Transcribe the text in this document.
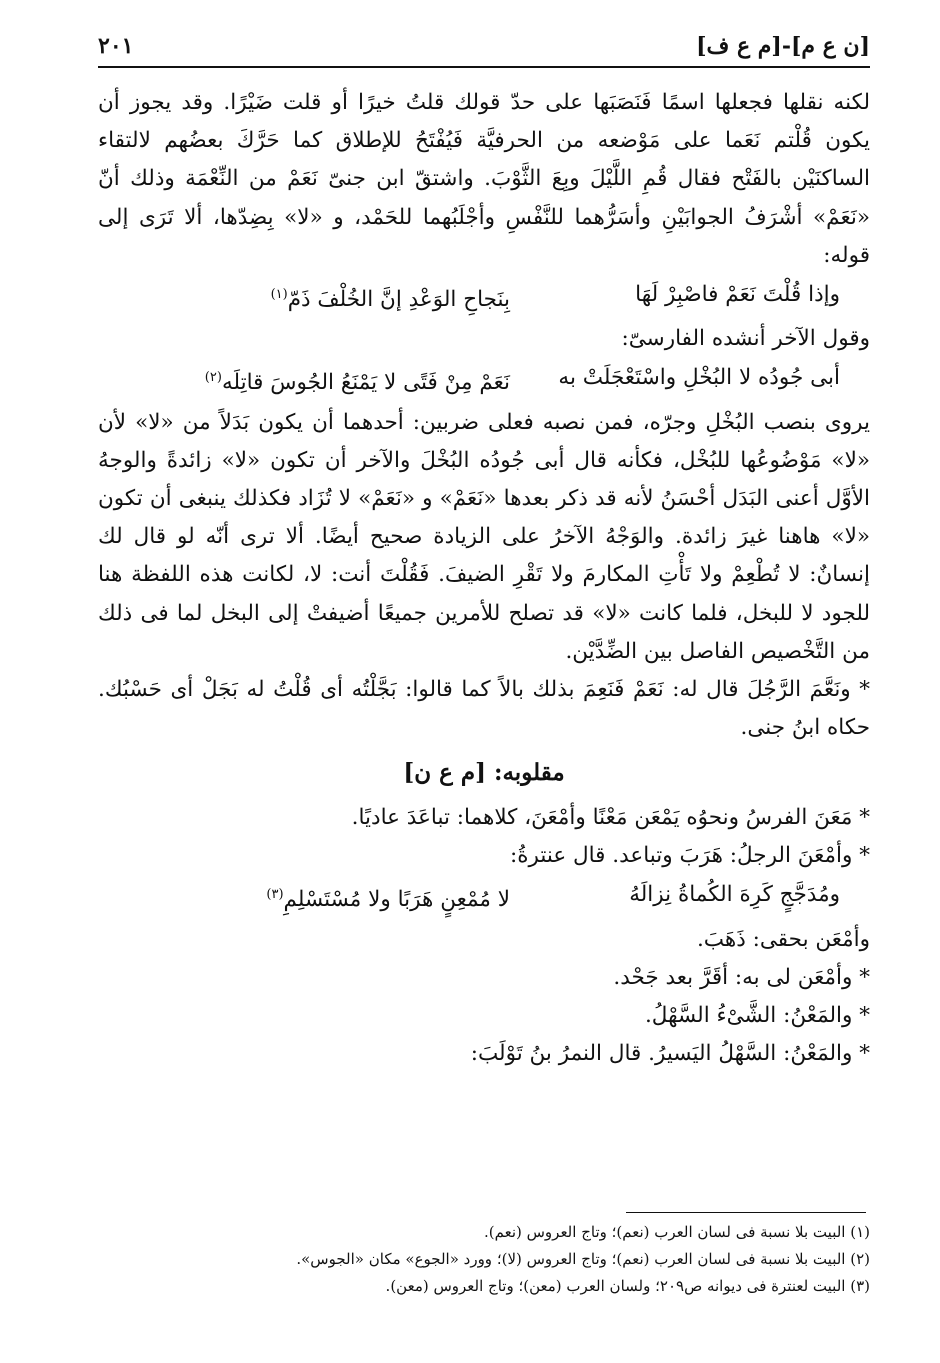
[ن ع م]-[م ع ف]
٢٠١

لكنه نقلها فجعلها اسمًا فَنَصَبَها على حدّ قولك قلتُ خيرًا أو قلت ضَيْرًا. وقد يجوز أن يكون قُلْتم نَعَما على مَوْضعه من الحرفيَّة فَيُفْتَحُ للإطلاق كما حَرَّكَ بعضُهم لالتقاء الساكنَيْن بالفَتْح فقال قُمِ اللَّيْلَ وبِعَ الثَّوْبَ. واشتقّ ابن جنىّ نَعَمْ من النِّعْمَة وذلك أنّ «نَعَمْ» أشْرَفُ الجوابَيْنِ وأسَرُّهما للنَّفْسِ وأجْلَبُهما للحَمْد، و «لا» بِضِدّها، ألا تَرَى إلى قوله:

وإذا قُلْتَ نَعَمْ فاصْبِرْ لَهَا
بِنَجاحِ الوَعْدِ إنَّ الخُلْفَ ذَمّ$^{(١)}$

وقول الآخر أنشده الفارسىّ:

أبى جُودُه لا البُخْلِ واسْتَعْجَلَتْ به
نَعَمْ مِنْ فَتًى لا يَمْنَعُ الجُوسَ قاتِلَه$^{(٢)}$

يروى بنصب البُخْلِ وجرّه، فمن نصبه فعلى ضربين: أحدهما أن يكون بَدَلاً من «لا» لأن «لا» مَوْضُوعُها للبُخْل، فكأنه قال أبى جُودُه البُخْلَ والآخر أن تكون «لا» زائدةً والوجهُ الأوَّل أعنى البَدَل أحْسَنُ لأنه قد ذكر بعدها «نَعَمْ» و «نَعَمْ» لا تُزَاد فكذلك ينبغى أن تكون «لا» هاهنا غيرَ زائدة. والوَجْهُ الآخرُ على الزيادة صحيح أيضًا. ألا ترى أنّه لو قال لك إنسانٌ: لا تُطْعِمْ ولا تَأْتِ المكارمَ ولا تَقْرِ الضيفَ. فَقُلْتَ أنت: لا، لكانت هذه اللفظة هنا للجود لا للبخل، فلما كانت «لا» قد تصلح للأمرين جميعًا أضيفتْ إلى البخل لما فى ذلك من التَّخْصيص الفاصل بين الضِّدَّيْن.

* ونَعَّمَ الرَّجُلَ قال له: نَعَمْ فَنَعِمَ بذلك بالاً كما قالوا: بَجَّلْتُه أى قُلْتُ له بَجَلْ أى حَسْبُك. حكاه ابنُ جنى.

مقلوبه: [م ع ن]

* مَعَنَ الفرسُ ونحوُه يَمْعَن مَعْنًا وأمْعَنَ، كلاهما: تباعَدَ عاديًا.

* وأمْعَنَ الرجلُ: هَرَبَ وتباعد. قال عنترةُ:

ومُدَجَّجٍ كَرِهَ الكُماةُ نِزالَهُ
لا مُمْعِنٍ هَرَبًا ولا مُسْتَسْلِمِ$^{(٣)}$

وأمْعَن بحقى: ذَهَبَ.

* وأمْعَن لى به: أقَرَّ بعد جَحْد.

* والمَعْنُ: الشَّىْءُ السَّهْلُ.

* والمَعْنُ: السَّهْلُ اليَسيرُ. قال النمرُ بنُ تَوْلَبَ:

(١) البيت بلا نسبة فى لسان العرب (نعم)؛ وتاج العروس (نعم).

(٢) البيت بلا نسبة فى لسان العرب (نعم)؛ وتاج العروس (لا)؛ وورد «الجوع» مكان «الجوس».

(٣) البيت لعنترة فى ديوانه ص٢٠٩؛ ولسان العرب (معن)؛ وتاج العروس (معن).
